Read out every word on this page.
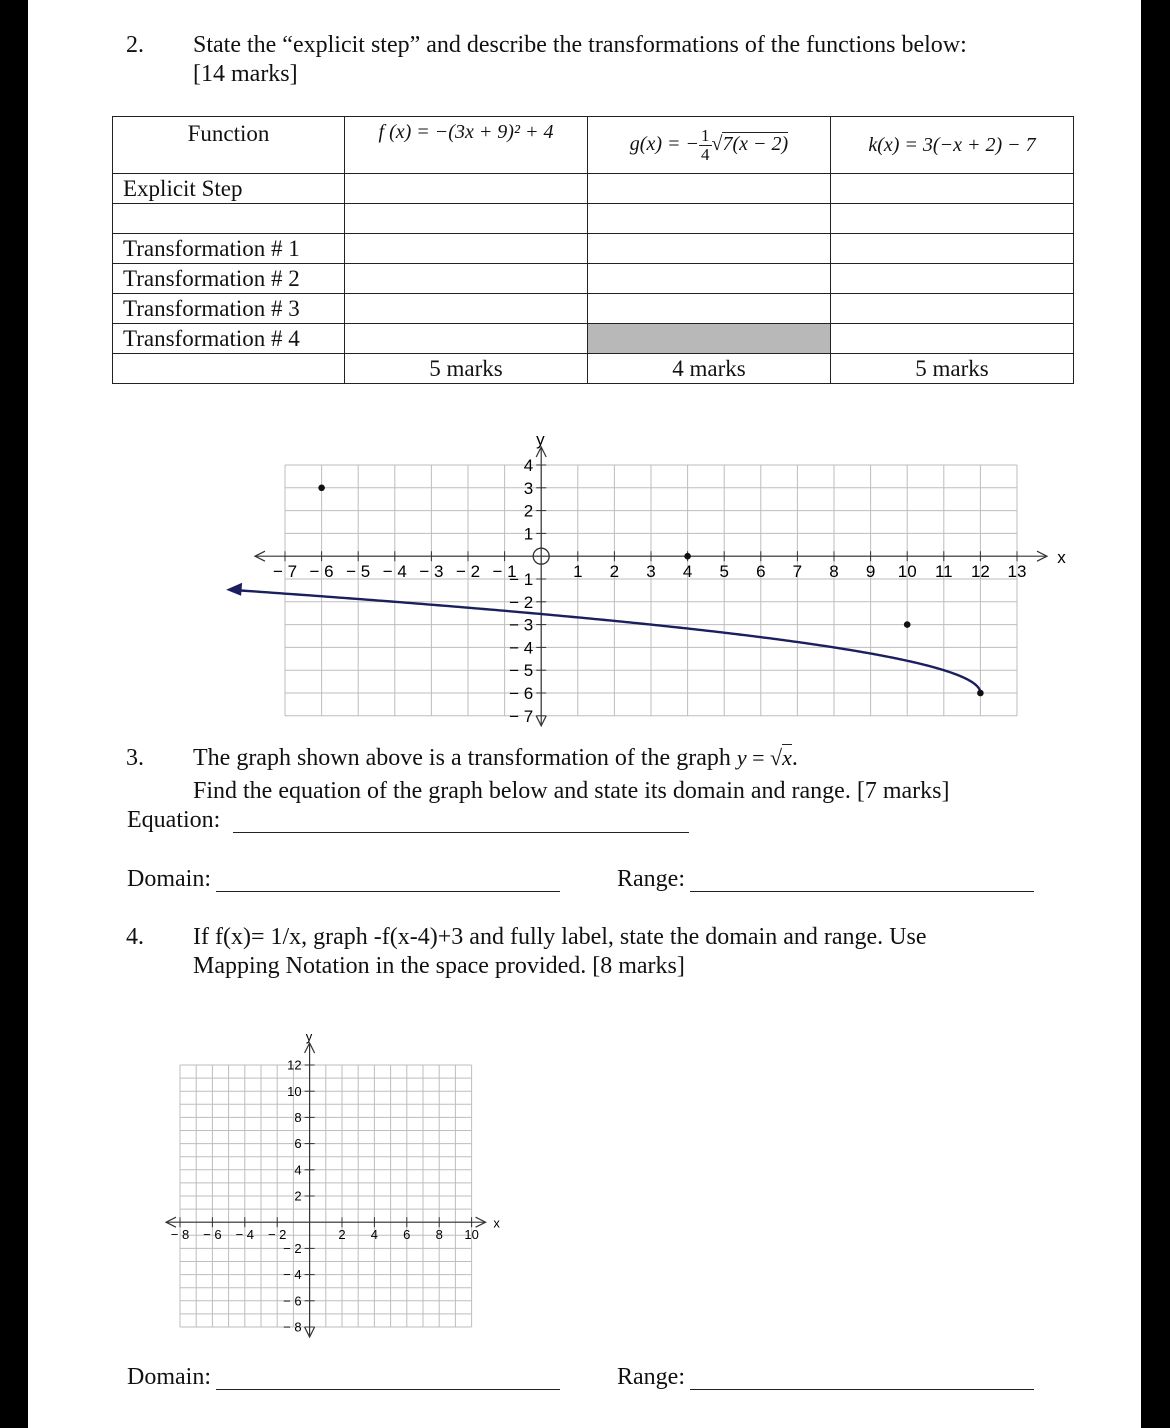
2. State the “explicit step” and describe the transformations of the functions below:
[14 marks]
Function	f (x) = −(3x + 9)² + 4	g(x) = − $\frac{1}{4} √7(x - 2)$	k(x) = 3(−x + 2) − 7
Explicit Step			

Transformation # 1			
Transformation # 2			
Transformation # 3			
Transformation # 4			
	5 marks	4 marks	5 marks
x
y
− 7 − 6 − 5 − 4 − 3 − 2 − 1	1 2 3 4 5 6 7 8 9 10 11 12 13
− 7
− 6
− 5
− 4
− 3
− 2
− 1
1
2
3
4
3. The graph shown above is a transformation of the graph y = √x.
Find the equation of the graph below and state its domain and range. [7 marks]
Equation:
Domain:	Range:
4. If f(x)= 1/x, graph -f(x-4)+3 and fully label, state the domain and range. Use
Mapping Notation in the space provided. [8 marks]
x
y
− 8 − 6 − 4 − 2	2 4 6 8 10
− 8
− 6
− 4
− 2
2
4
6
8
10
12
Domain:	Range:
